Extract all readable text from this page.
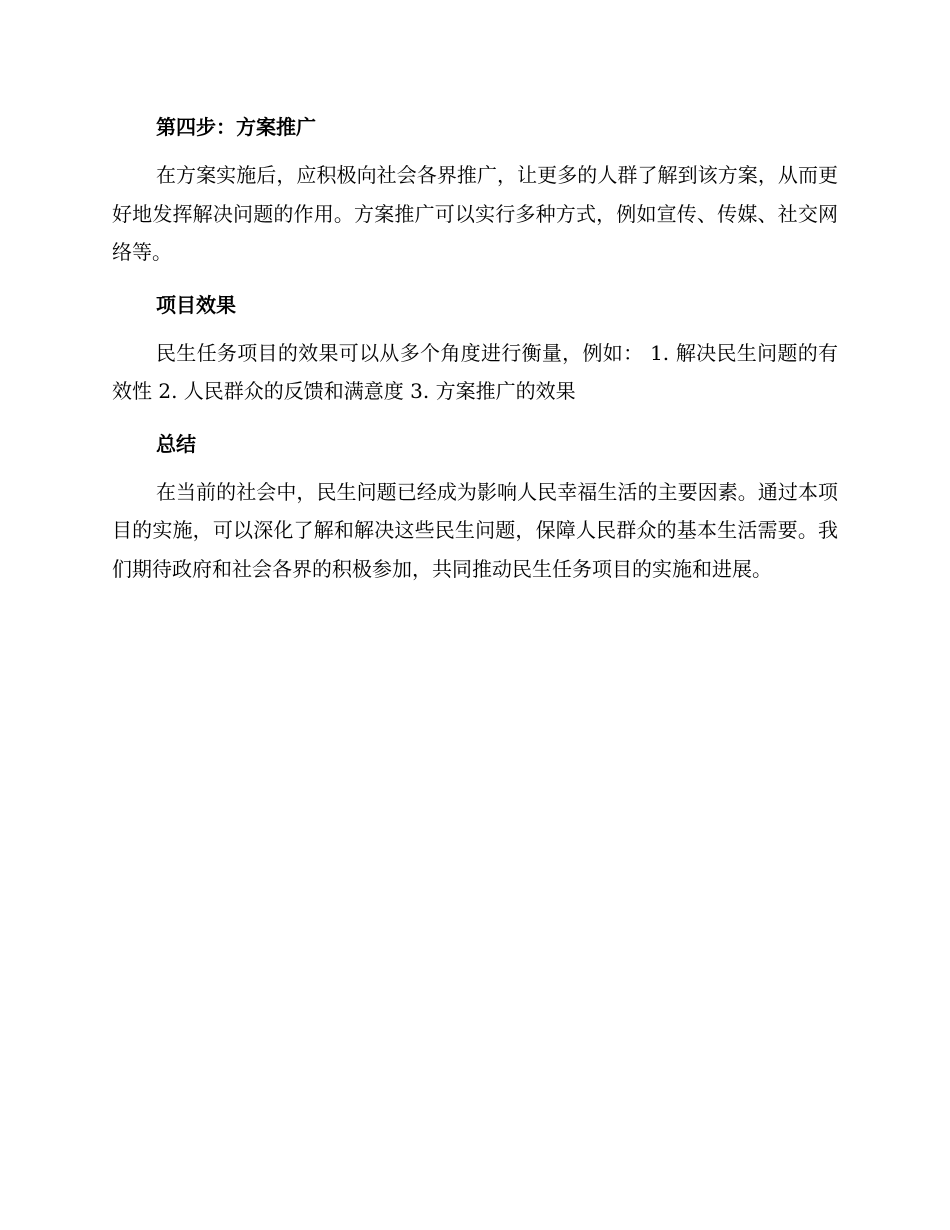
第四步：方案推广

在方案实施后，应积极向社会各界推广，让更多的人群了解到该方案，从而更好地发挥解决问题的作用。方案推广可以实行多种方式，例如宣传、传媒、社交网络等。

项目效果

民生任务项目的效果可以从多个角度进行衡量，例如： 1. 解决民生问题的有效性 2. 人民群众的反馈和满意度 3. 方案推广的效果

总结

在当前的社会中，民生问题已经成为影响人民幸福生活的主要因素。通过本项目的实施，可以深化了解和解决这些民生问题，保障人民群众的基本生活需要。我们期待政府和社会各界的积极参加，共同推动民生任务项目的实施和进展。
